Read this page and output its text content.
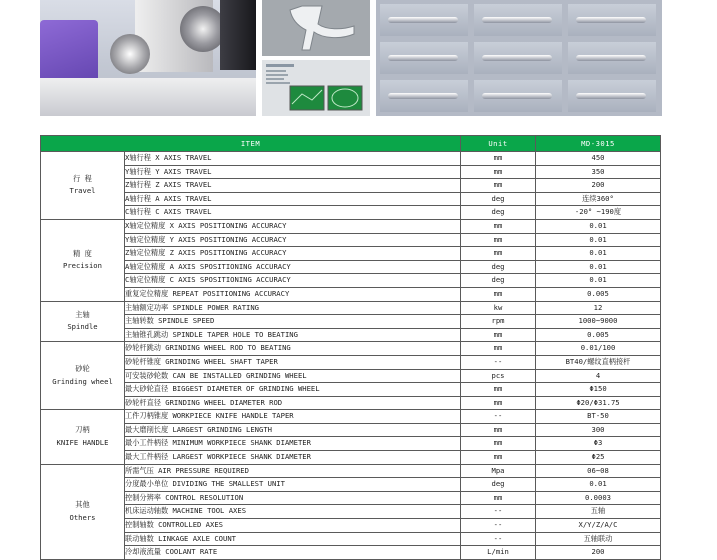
ITEM		Unit	MD-3015

行 程
Travel	X轴行程 X AXIS TRAVEL	mm	450
	Y轴行程 Y AXIS TRAVEL	mm	350
	Z轴行程 Z AXIS TRAVEL	mm	200
	A轴行程 A AXIS TRAVEL	deg	连续360°
	C轴行程 C AXIS TRAVEL	deg	-20° ~190度

精 度
Precision	X轴定位精度 X AXIS POSITIONING ACCURACY	mm	0.01
	Y轴定位精度 Y AXIS POSITIONING ACCURACY	mm	0.01
	Z轴定位精度 Z AXIS POSITIONING ACCURACY	mm	0.01
	A轴定位精度 A AXIS SPOSITIONING ACCURACY	deg	0.01
	C轴定位精度 C AXIS SPOSITIONING ACCURACY	deg	0.01
	重复定位精度 REPEAT POSITIONING ACCURACY	mm	0.005

主轴
Spindle	主轴额定功率 SPINDLE POWER RATING	kw	12
	主轴转数 SPINDLE SPEED	rpm	1000~9000
	主轴锥孔跳动 SPINDLE TAPER HOLE TO BEATING	mm	0.005

砂轮
Grinding wheel	砂轮杆跳动 GRINDING WHEEL ROD TO BEATING	mm	0.01/100
	砂轮杆锥度 GRINDING WHEEL SHAFT TAPER	--	BT40/螺纹直柄接杆
	可安装砂轮数 CAN BE INSTALLED GRINDING WHEEL	pcs	4
	最大砂轮直径 BIGGEST DIAMETER OF GRINDING WHEEL	mm	Φ150
	砂轮杆直径 GRINDING WHEEL DIAMETER ROD	mm	Φ20/Φ31.75

刀柄
KNIFE HANDLE	工件刀柄锥度 WORKPIECE KNIFE HANDLE TAPER	--	BT-50
	最大磨削长度 LARGEST GRINDING LENGTH	mm	300
	最小工件柄径 MINIMUM WORKPIECE SHANK DIAMETER	mm	Φ3
	最大工件柄径 LARGEST WORKPIECE SHANK DIAMETER	mm	Φ25

其他
Others	所需气压 AIR PRESSURE REQUIRED	Mpa	06~08
	分度最小单位 DIVIDING THE SMALLEST UNIT	deg	0.01
	控制分辨率 CONTROL RESOLUTION	mm	0.0003
	机床运动轴数 MACHINE TOOL AXES	--	五轴
	控制轴数 CONTROLLED AXES	--	X/Y/Z/A/C
	联动轴数 LINKAGE AXLE COUNT	--	五轴联动
	冷却液流量 COOLANT RATE	L/min	200
